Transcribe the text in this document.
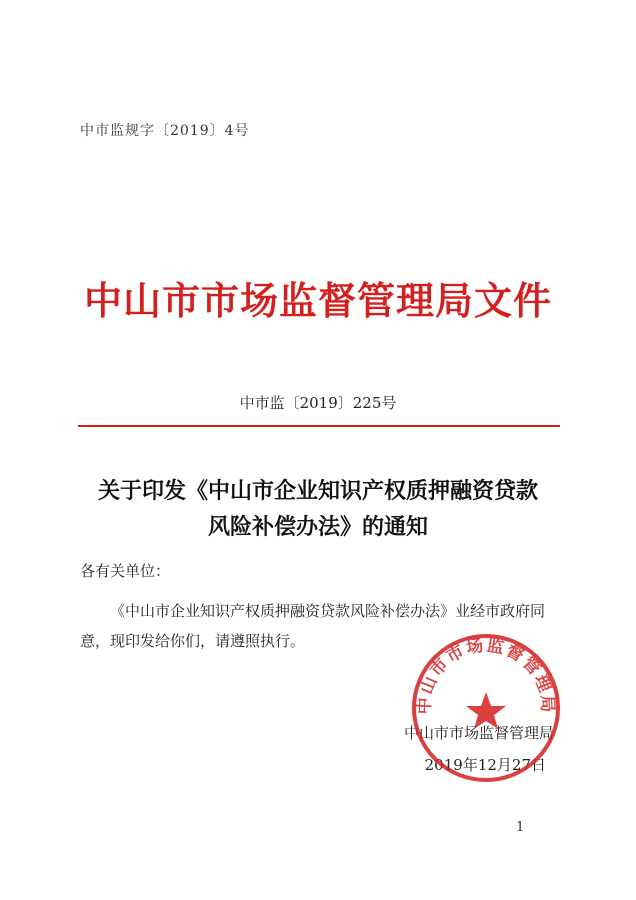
中市监规字〔2019〕4号
中山市市场监督管理局文件
中市监〔2019〕225号
关于印发《中山市企业知识产权质押融资贷款
风险补偿办法》的通知
各有关单位：
《中山市企业知识产权质押融资贷款风险补偿办法》业经市政府同意，现印发给你们，请遵照执行。
中山市市场监督管理局
2019年12月27日
中山市市场监督管理局
1
